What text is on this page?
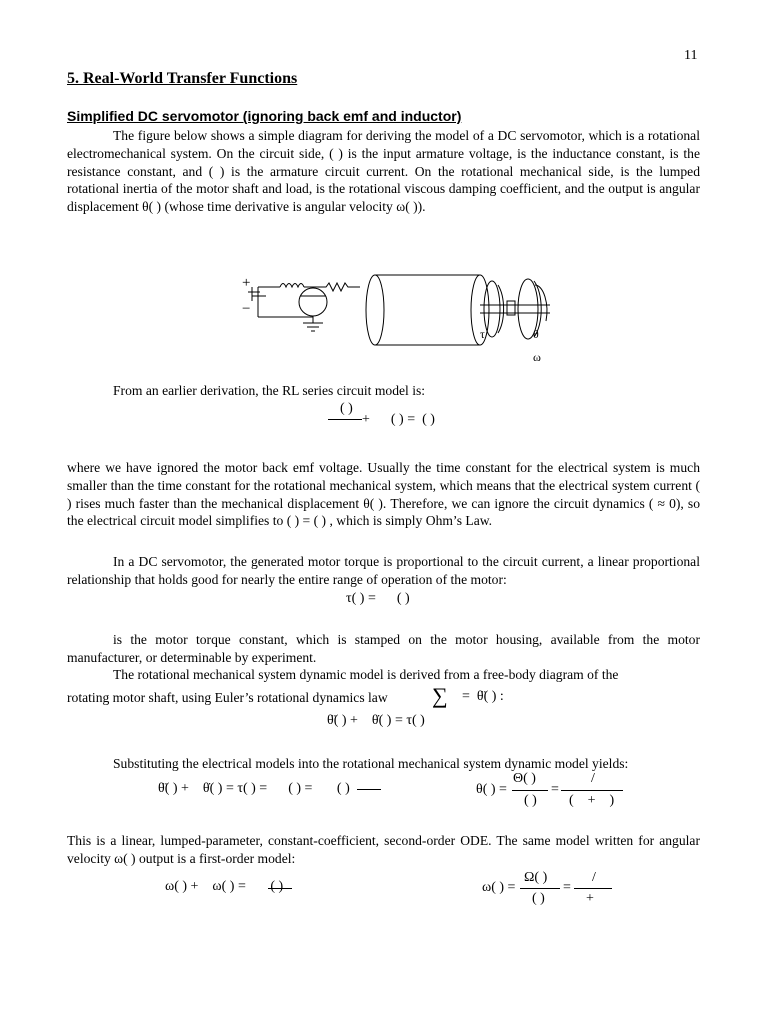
11
5. Real-World Transfer Functions
Simplified DC servomotor (ignoring back emf and inductor)
The figure below shows a simple diagram for deriving the model of a DC servomotor, which is a rotational electromechanical system. On the circuit side, ( ) is the input armature voltage, is the inductance constant, is the resistance constant, and ( ) is the armature circuit current. On the rotational mechanical side, is the lumped rotational inertia of the motor shaft and load, is the rotational viscous damping coefficient, and the output is angular displacement θ( ) (whose time derivative is angular velocity ω( )).
+
−
τ	θ
ω
From an earlier derivation, the RL series circuit model is:
( )
+      ( ) =  ( )
where we have ignored the motor back emf voltage. Usually the time constant for the electrical system is much smaller than the time constant for the rotational mechanical system, which means that the electrical system current ( ) rises much faster than the mechanical displacement θ( ). Therefore, we can ignore the circuit dynamics ( ≈ 0), so the electrical circuit model simplifies to ( ) = ( ) , which is simply Ohm’s Law.
In a DC servomotor, the generated motor torque is proportional to the circuit current, a linear proportional relationship that holds good for nearly the entire range of operation of the motor:
τ( ) =      ( )
is the motor torque constant, which is stamped on the motor housing, available from the motor manufacturer, or determinable by experiment.
The rotational mechanical system dynamic model is derived from a free-body diagram of the
rotating motor shaft, using Euler’s rotational dynamics law ∑ =  θ̈( ) :
θ̈( ) +    θ̇( ) = τ( )
Substituting the electrical models into the rotational mechanical system dynamic model yields:
θ̈( ) +    θ̇( ) = τ( ) =      ( ) =       ( )	θ( ) =
Θ( )
( )
=
/
(    +    )
This is a linear, lumped-parameter, constant-coefficient, second-order ODE. The same model written for angular velocity ω( ) output is a first-order model:
ω( ) +    ω( ) =       ( )	ω( ) =
Ω( )
( )
=
/
+
